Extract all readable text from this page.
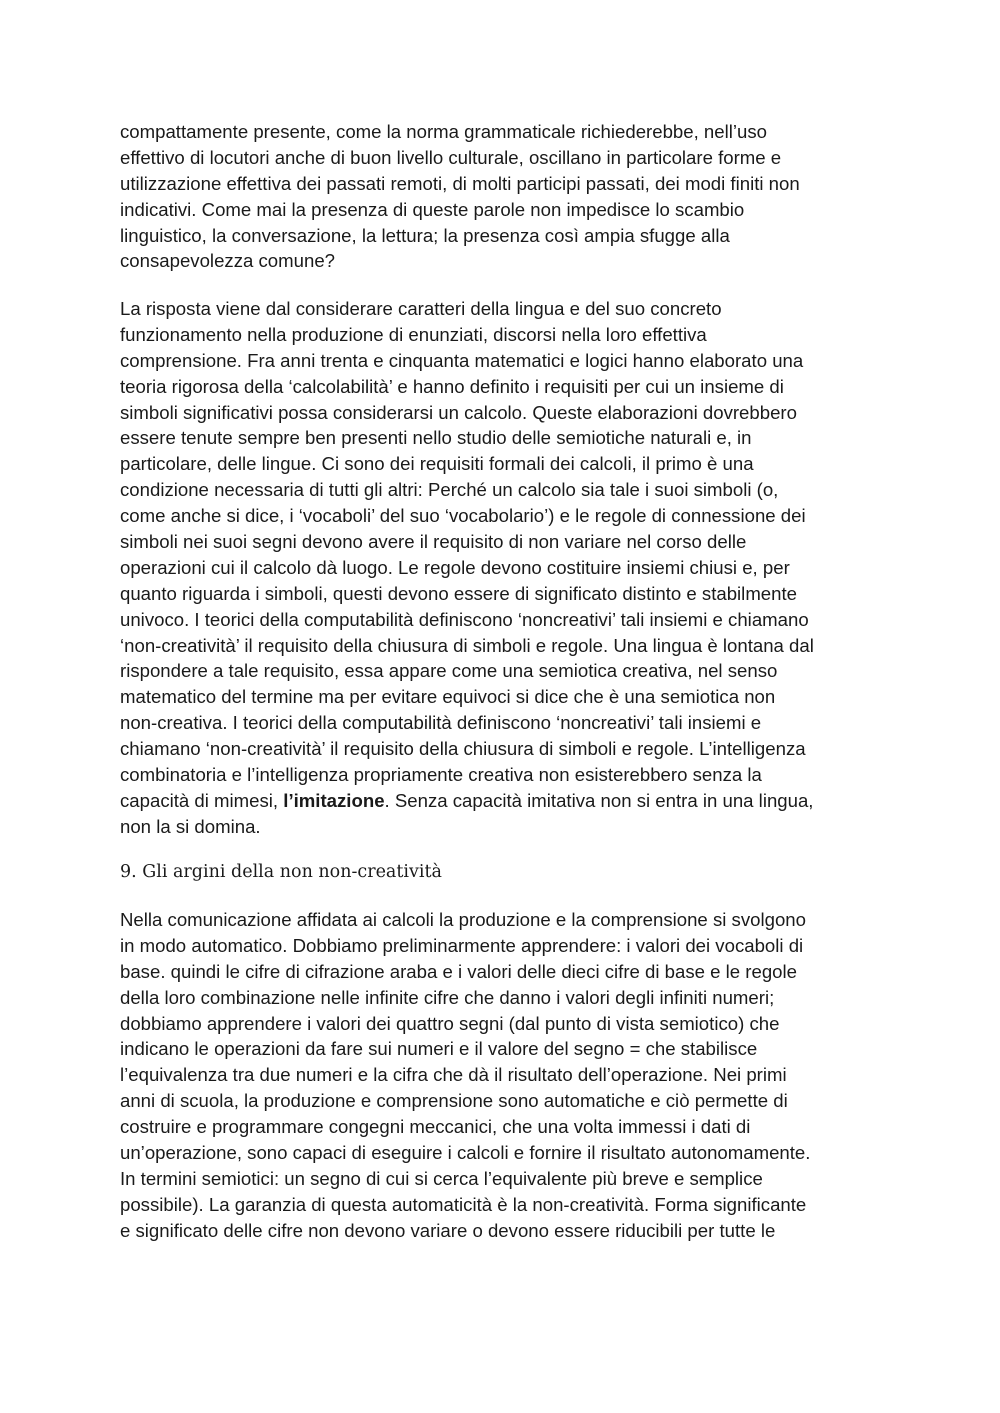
compattamente presente, come la norma grammaticale richiederebbe, nell’uso
effettivo di locutori anche di buon livello culturale, oscillano in particolare forme e
utilizzazione effettiva dei passati remoti, di molti participi passati, dei modi finiti non
indicativi. Come mai la presenza di queste parole non impedisce lo scambio
linguistico, la conversazione, la lettura; la presenza così ampia sfugge alla
consapevolezza comune?
La risposta viene dal considerare caratteri della lingua e del suo concreto
funzionamento nella produzione di enunziati, discorsi nella loro effettiva
comprensione. Fra anni trenta e cinquanta matematici e logici hanno elaborato una
teoria rigorosa della ‘calcolabilità’ e hanno definito i requisiti per cui un insieme di
simboli significativi possa considerarsi un calcolo. Queste elaborazioni dovrebbero
essere tenute sempre ben presenti nello studio delle semiotiche naturali e, in
particolare, delle lingue. Ci sono dei requisiti formali dei calcoli, il primo è una
condizione necessaria di tutti gli altri: Perché un calcolo sia tale i suoi simboli (o,
come anche si dice, i ‘vocaboli’ del suo ‘vocabolario’) e le regole di connessione dei
simboli nei suoi segni devono avere il requisito di non variare nel corso delle
operazioni cui il calcolo dà luogo. Le regole devono costituire insiemi chiusi e, per
quanto riguarda i simboli, questi devono essere di significato distinto e stabilmente
univoco. I teorici della computabilità definiscono ‘noncreativi’ tali insiemi e chiamano
‘non-creatività’ il requisito della chiusura di simboli e regole. Una lingua è lontana dal
rispondere a tale requisito, essa appare come una semiotica creativa, nel senso
matematico del termine ma per evitare equivoci si dice che è una semiotica non
non-creativa. I teorici della computabilità definiscono ‘noncreativi’ tali insiemi e
chiamano ‘non-creatività’ il requisito della chiusura di simboli e regole. L’intelligenza
combinatoria e l’intelligenza propriamente creativa non esisterebbero senza la
capacità di mimesi, l’imitazione. Senza capacità imitativa non si entra in una lingua,
non la si domina.
9. Gli argini della non non-creatività
Nella comunicazione affidata ai calcoli la produzione e la comprensione si svolgono
in modo automatico. Dobbiamo preliminarmente apprendere: i valori dei vocaboli di
base. quindi le cifre di cifrazione araba e i valori delle dieci cifre di base e le regole
della loro combinazione nelle infinite cifre che danno i valori degli infiniti numeri;
dobbiamo apprendere i valori dei quattro segni (dal punto di vista semiotico) che
indicano le operazioni da fare sui numeri e il valore del segno = che stabilisce
l’equivalenza tra due numeri e la cifra che dà il risultato dell’operazione. Nei primi
anni di scuola, la produzione e comprensione sono automatiche e ciò permette di
costruire e programmare congegni meccanici, che una volta immessi i dati di
un’operazione, sono capaci di eseguire i calcoli e fornire il risultato autonomamente.
In termini semiotici: un segno di cui si cerca l’equivalente più breve e semplice
possibile). La garanzia di questa automaticità è la non-creatività. Forma significante
e significato delle cifre non devono variare o devono essere riducibili per tutte le
